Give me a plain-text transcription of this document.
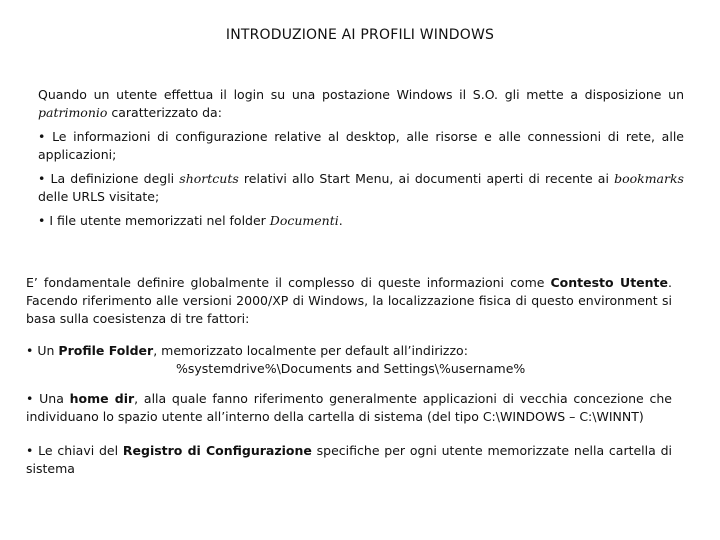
INTRODUZIONE AI PROFILI WINDOWS

Quando un utente effettua il login su una postazione Windows il S.O. gli mette a disposizione un patrimonio caratterizzato da:

• Le informazioni di configurazione relative al desktop, alle risorse e alle connessioni di rete, alle applicazioni;

• La definizione degli shortcuts relativi allo Start Menu, ai documenti aperti di recente ai bookmarks delle URLS visitate;

• I file utente memorizzati nel folder Documenti.

E’ fondamentale definire globalmente il complesso di queste informazioni come Contesto Utente. Facendo riferimento alle versioni 2000/XP di Windows, la localizzazione fisica di questo environment si basa sulla coesistenza di tre fattori:

• Un Profile Folder, memorizzato localmente per default all’indirizzo:

%systemdrive%\Documents and Settings\%username%

• Una home dir, alla quale fanno riferimento generalmente applicazioni di vecchia concezione che individuano lo spazio utente all’interno della cartella di sistema (del tipo C:\WINDOWS – C:\WINNT)

• Le chiavi del Registro di Configurazione specifiche per ogni utente memorizzate nella cartella di sistema
